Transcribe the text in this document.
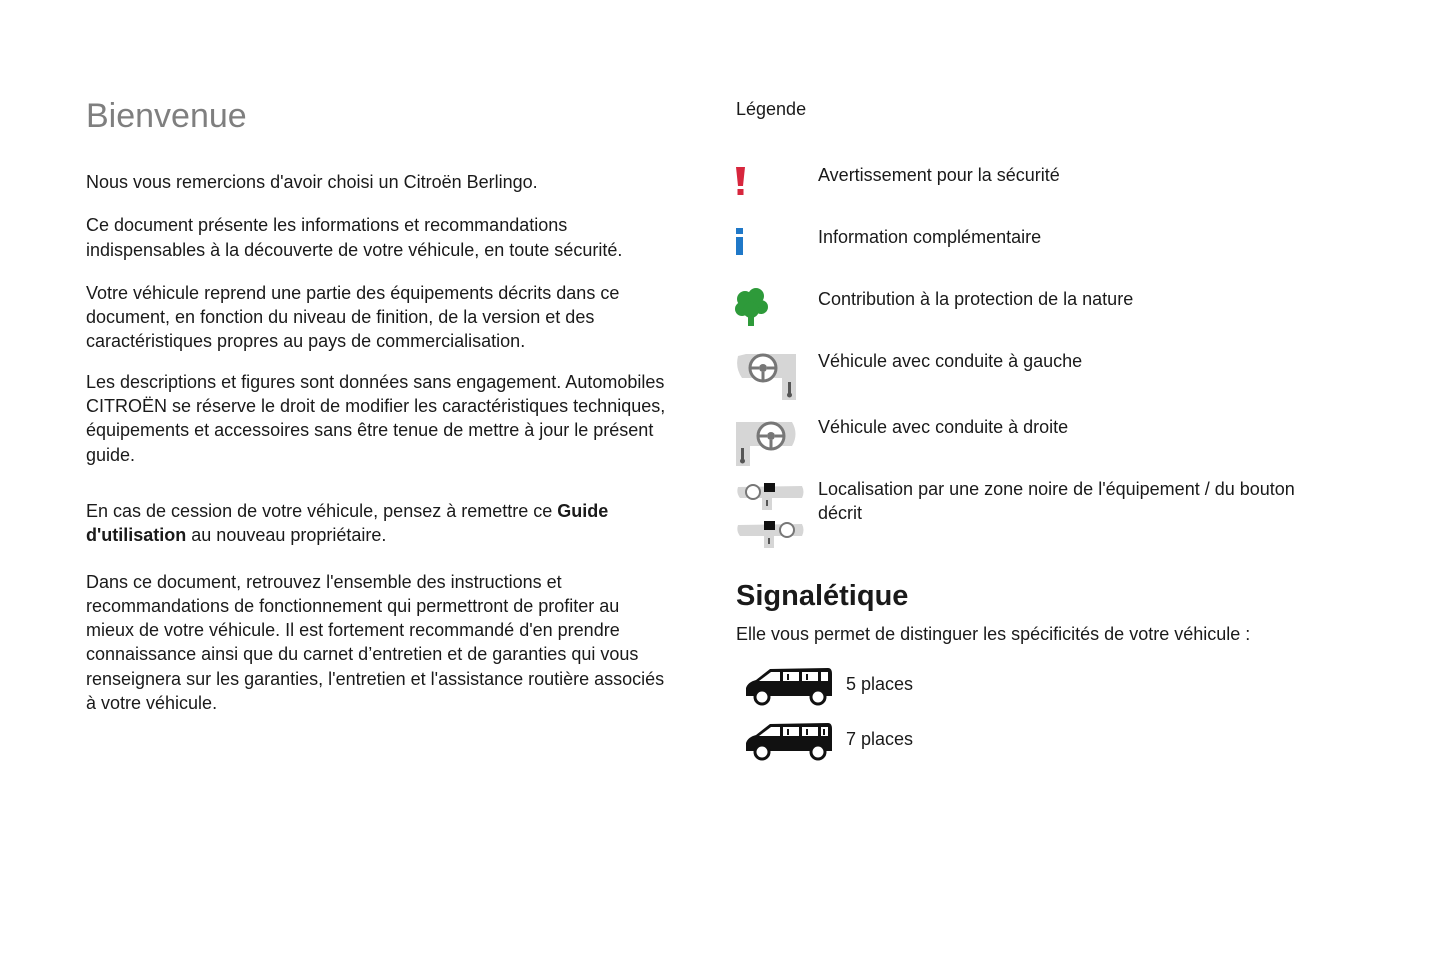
Bienvenue

Nous vous remercions d'avoir choisi un Citroën Berlingo.

Ce document présente les informations et recommandations indispensables à la découverte de votre véhicule, en toute sécurité.

Votre véhicule reprend une partie des équipements décrits dans ce document, en fonction du niveau de finition, de la version et des caractéristiques propres au pays de commercialisation.

Les descriptions et figures sont données sans engagement. Automobiles CITROËN se réserve le droit de modifier les caractéristiques techniques, équipements et accessoires sans être tenue de mettre à jour le présent guide.

En cas de cession de votre véhicule, pensez à remettre ce Guide d'utilisation au nouveau propriétaire.

Dans ce document, retrouvez l'ensemble des instructions et recommandations de fonctionnement qui permettront de profiter au mieux de votre véhicule. Il est fortement recommandé d'en prendre connaissance ainsi que du carnet d’entretien et de garanties qui vous renseignera sur les garanties, l'entretien et l'assistance routière associés à votre véhicule.

Légende
Avertissement pour la sécurité
Information complémentaire
Contribution à la protection de la nature
Véhicule avec conduite à gauche
Véhicule avec conduite à droite
Localisation par une zone noire de l'équipement / du bouton décrit
Signalétique
Elle vous permet de distinguer les spécificités de votre véhicule :
5 places
7 places
